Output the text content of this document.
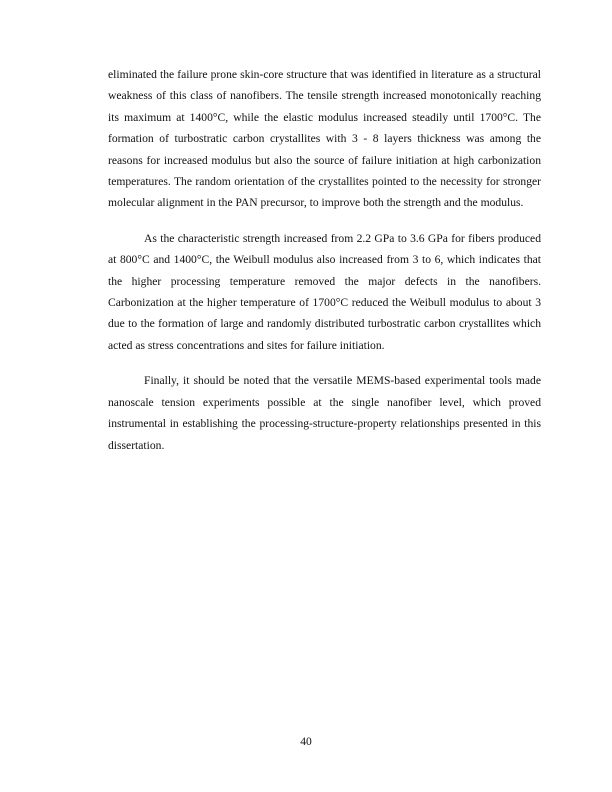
eliminated the failure prone skin-core structure that was identified in literature as a structural weakness of this class of nanofibers. The tensile strength increased monotonically reaching its maximum at 1400°C, while the elastic modulus increased steadily until 1700°C. The formation of turbostratic carbon crystallites with 3 - 8 layers thickness was among the reasons for increased modulus but also the source of failure initiation at high carbonization temperatures. The random orientation of the crystallites pointed to the necessity for stronger molecular alignment in the PAN precursor, to improve both the strength and the modulus.

As the characteristic strength increased from 2.2 GPa to 3.6 GPa for fibers produced at 800°C and 1400°C, the Weibull modulus also increased from 3 to 6, which indicates that the higher processing temperature removed the major defects in the nanofibers. Carbonization at the higher temperature of 1700°C reduced the Weibull modulus to about 3 due to the formation of large and randomly distributed turbostratic carbon crystallites which acted as stress concentrations and sites for failure initiation.

Finally, it should be noted that the versatile MEMS-based experimental tools made nanoscale tension experiments possible at the single nanofiber level, which proved instrumental in establishing the processing-structure-property relationships presented in this dissertation.

40
